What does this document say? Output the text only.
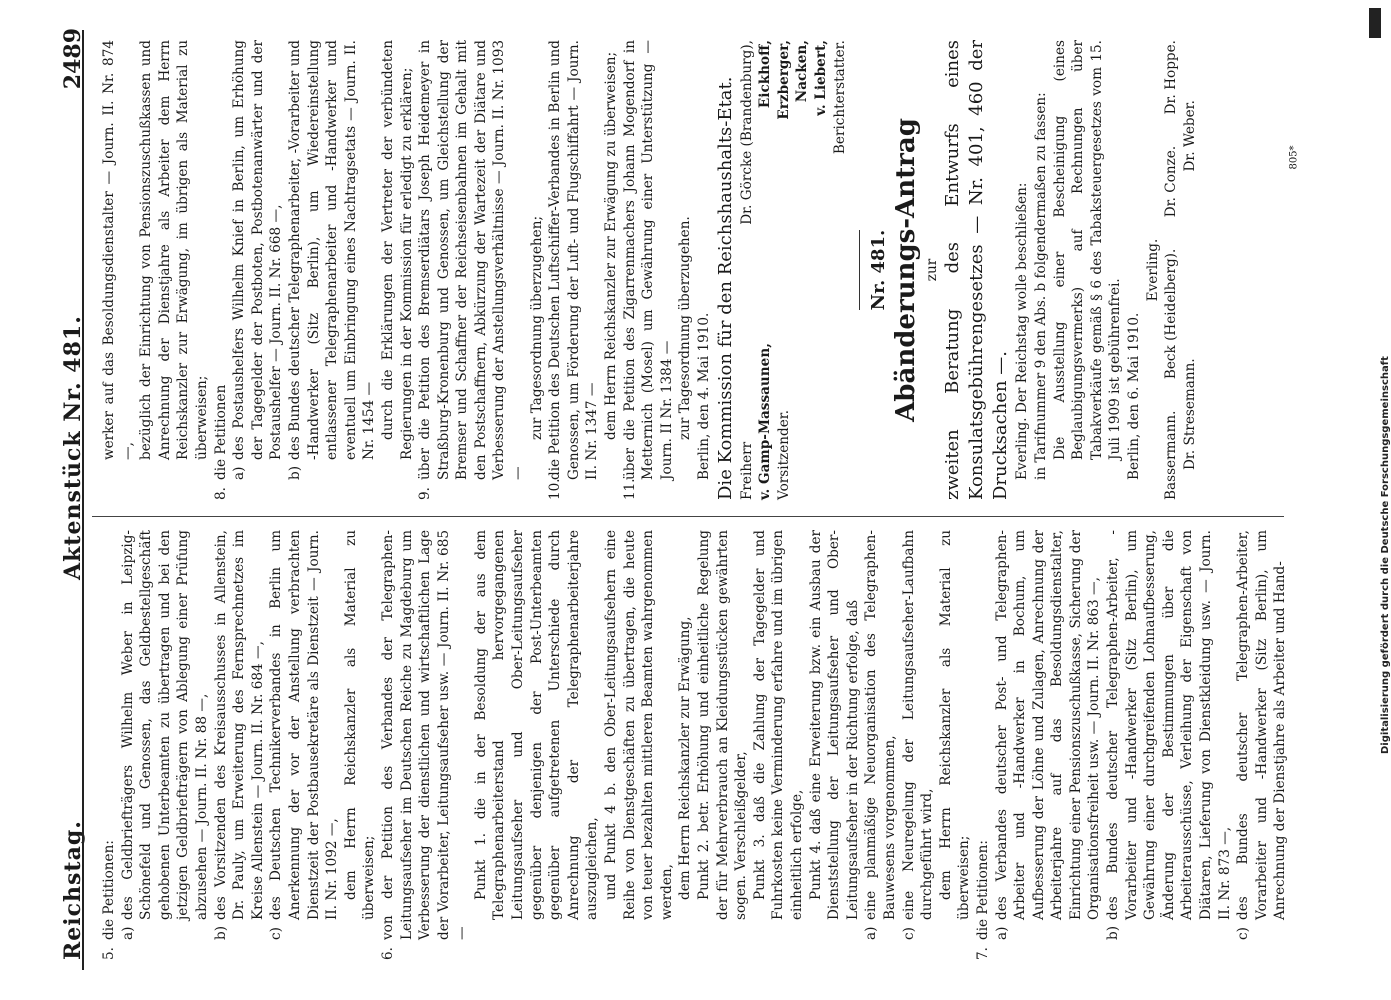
Reichstag.
Aktenstück Nr. 481.
2489

5.die Petitionen: a)des Geldbriefträgers Wilhelm Weber in Leipzig-Schönefeld und Genossen, das Geldbestellgeschäft gehobenen Unterbeamten zu übertragen und bei den jetzigen Geldbriefträgern von Ablegung einer Prüfung abzusehen — Journ. II. Nr. 88 —,

b)des Vorsitzenden des Kreisausschusses in Allenstein, Dr. Pauly, um Erweiterung des Fernsprechnetzes im Kreise Allenstein — Journ. II. Nr. 684 —,

c)des Deutschen Technikerverbandes in Berlin um Anerkennung der vor der Anstellung verbrachten Dienstzeit der Postbausekretäre als Dienstzeit — Journ. II. Nr. 1092 —, dem Herrn Reichskanzler als Material zu überweisen;

6.von der Petition des Verbandes der Telegraphen-Leitungsaufseher im Deutschen Reiche zu Magdeburg um Verbesserung der dienstlichen und wirtschaftlichen Lage der Vorarbeiter, Leitungsaufseher usw. — Journ. II. Nr. 685 —

Punkt 1. die in der Besoldung der aus dem Telegraphenarbeiterstand hervorgegangenen Leitungsaufseher und Ober-Leitungsaufseher gegenüber denjenigen der Post-Unterbeamten gegenüber aufgetretenen Unterschiede durch Anrechnung der Telegraphenarbeiterjahre auszugleichen, und Punkt 4 b. den Ober-Leitungsaufsehern eine Reihe von Dienstgeschäften zu übertragen, die heute von teuer bezahlten mittleren Beamten wahrgenommen werden, dem Herrn Reichskanzler zur Erwägung, Punkt 2. betr. Erhöhung und einheitliche Regelung der für Mehrverbrauch an Kleidungsstücken gewährten sogen. Verschleißgelder, Punkt 3. daß die Zahlung der Tagegelder und Fuhrkosten keine Verminderung erfahre und im übrigen einheitlich erfolge, Punkt 4. daß eine Erweiterung bzw. ein Ausbau der Dienststellung der Leitungsaufseher und Ober-Leitungsaufseher in der Richtung erfolge, daß

a)eine planmäßige Neuorganisation des Telegraphen-Bauwesens vorgenommen,

c)eine Neuregelung der Leitungsaufseher-Laufbahn durchgeführt wird, dem Herrn Reichskanzler als Material zu überweisen;

7.die Petitionen: a)des Verbandes deutscher Post- und Telegraphen-Arbeiter und -Handwerker in Bochum, um Aufbesserung der Löhne und Zulagen, Anrechnung der Arbeiterjahre auf das Besoldungsdienstalter, Einrichtung einer Pensionszuschußkasse, Sicherung der Organisationsfreiheit usw. — Journ. II. Nr. 863 —,

b)des Bundes deutscher Telegraphen-Arbeiter, -Vorarbeiter und -Handwerker (Sitz Berlin), um Gewährung einer durchgreifenden Lohnaufbesserung, Änderung der Bestimmungen über die Arbeiterausschüsse, Verleihung der Eigenschaft von Diätaren, Lieferung von Dienstkleidung usw. — Journ. II. Nr. 873 —,

c)des Bundes deutscher Telegraphen-Arbeiter, Vorarbeiter und -Handwerker (Sitz Berlin), um Anrechnung der Dienstjahre als Arbeiter und Hand-

werker auf das Besoldungsdienstalter — Journ. II. Nr. 874 —, bezüglich der Einrichtung von Pensionszuschußkassen und Anrechnung der Dienstjahre als Arbeiter dem Herrn Reichskanzler zur Erwägung, im übrigen als Material zu überweisen;

8.die Petitionen a)des Postaushelfers Wilhelm Knief in Berlin, um Erhöhung der Tagegelder der Postboten, Postbotenanwärter und der Postaushelfer — Journ. II. Nr. 668 —,

b)des Bundes deutscher Telegraphenarbeiter, -Vorarbeiter und -Handwerker (Sitz Berlin), um Wiedereinstellung entlassener Telegraphenarbeiter und -Handwerker und eventuell um Einbringung eines Nachtragsetats — Journ. II. Nr. 1454 — durch die Erklärungen der Vertreter der verbündeten Regierungen in der Kommission für erledigt zu erklären;

9.über die Petition des Bremserdiätars Joseph Heidemeyer in Straßburg-Kronenburg und Genossen, um Gleichstellung der Bremser und Schaffner der Reichseisenbahnen im Gehalt mit den Postschaffnern, Abkürzung der Wartezeit der Diätare und Verbesserung der Anstellungsverhältnisse — Journ. II. Nr. 1093 —

zur Tagesordnung überzugehen;

10.die Petition des Deutschen Luftschiffer-Verbandes in Berlin und Genossen, um Förderung der Luft- und Flugschiffahrt — Journ. II. Nr. 1347 — dem Herrn Reichskanzler zur Erwägung zu überweisen;

11.über die Petition des Zigarrenmachers Johann Mogendorf in Metternich (Mosel) um Gewährung einer Unterstützung — Journ. II Nr. 1384 — zur Tagesordnung überzugehen. Berlin, den 4. Mai 1910. Die Kommission für den Reichshaushalts-Etat. Freiherr v. Gamp-Massaunen, Vorsitzender.
Dr. Görcke (Brandenburg), Eickhoff, Erzberger, Nacken, v. Liebert, Berichterstatter.

Nr. 481. Abänderungs-Antrag zur zweiten Beratung des Entwurfs eines Konsulatsgebührengesetzes — Nr. 401, 460 der Drucksachen —. Everling. Der Reichstag wolle beschließen: in Tarifnummer 9 den Abs. b folgendermaßen zu fassen: Die Ausstellung einer Bescheinigung (eines Beglaubigungsvermerks) auf Rechnungen über Tabakverkäufe gemäß § 6 des Tabaksteuergesetzes vom 15. Juli 1909 ist gebührenfrei. Berlin, den 6. Mai 1910.

Everling.

Bassermann.
Beck (Heidelberg).
Dr. Conze.
Dr. Hoppe.
Dr. Stresemann.
Dr. Weber.	805*
Digitalisierung gefördert durch die Deutsche Forschungsgemeinschaft
